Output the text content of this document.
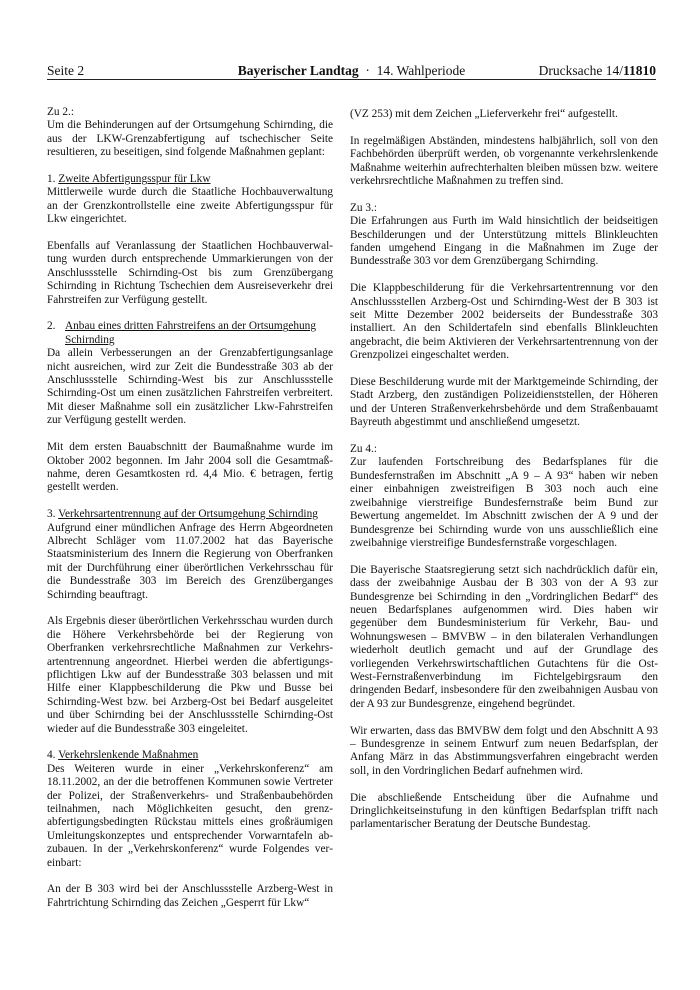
Seite 2	Bayerischer Landtag · 14. Wahlperiode	Drucksache 14/11810

Zu 2.:

Um die Behinderungen auf der Ortsumgehung Schirnding, die aus der LKW-Grenzabfertigung auf tschechischer Seite resultieren, zu beseitigen, sind folgende Maßnahmen geplant:

1. Zweite Abfertigungsspur für Lkw

Mittlerweile wurde durch die Staatliche Hochbauverwaltung an der Grenzkontrollstelle eine zweite Abfertigungsspur für Lkw eingerichtet.

Ebenfalls auf Veranlassung der Staatlichen Hochbauverwaltung wurden durch entsprechende Ummarkierungen von der Anschlussstelle Schirnding-Ost bis zum Grenzübergang Schirnding in Richtung Tschechien dem Ausreiseverkehr drei Fahrstreifen zur Verfügung gestellt.

2. Anbau eines dritten Fahrstreifens an der Ortsumgehung Schirnding

Da allein Verbesserungen an der Grenzabfertigungsanlage nicht ausreichen, wird zur Zeit die Bundesstraße 303 ab der Anschlussstelle Schirnding-West bis zur Anschlussstelle Schirnding-Ost um einen zusätzlichen Fahrstreifen verbreitert. Mit dieser Maßnahme soll ein zusätzlicher Lkw-Fahrstreifen zur Verfügung gestellt werden.

Mit dem ersten Bauabschnitt der Baumaßnahme wurde im Oktober 2002 begonnen. Im Jahr 2004 soll die Gesamtmaßnahme, deren Gesamtkosten rd. 4,4 Mio. € betragen, fertig gestellt werden.

3. Verkehrsartentrennung auf der Ortsumgehung Schirnding

Aufgrund einer mündlichen Anfrage des Herrn Abgeordneten Albrecht Schläger vom 11.07.2002 hat das Bayerische Staatsministerium des Innern die Regierung von Oberfranken mit der Durchführung einer überörtlichen Verkehrsschau für die Bundesstraße 303 im Bereich des Grenzüberganges Schirnding beauftragt.

Als Ergebnis dieser überörtlichen Verkehrsschau wurden durch die Höhere Verkehrsbehörde bei der Regierung von Oberfranken verkehrsrechtliche Maßnahmen zur Verkehrsartentrennung angeordnet. Hierbei werden die abfertigungspflichtigen Lkw auf der Bundesstraße 303 belassen und mit Hilfe einer Klappbeschilderung die Pkw und Busse bei Schirnding-West bzw. bei Arzberg-Ost bei Bedarf ausgeleitet und über Schirnding bei der Anschlussstelle Schirnding-Ost wieder auf die Bundesstraße 303 eingeleitet.

4. Verkehrslenkende Maßnahmen

Des Weiteren wurde in einer „Verkehrskonferenz“ am 18.11.2002, an der die betroffenen Kommunen sowie Vertreter der Polizei, der Straßenverkehrs- und Straßenbaubehörden teilnahmen, nach Möglichkeiten gesucht, den grenzabfertigungsbedingten Rückstau mittels eines großräumigen Umleitungskonzeptes und entsprechender Vorwarntafeln abzubauen. In der „Verkehrskonferenz“ wurde Folgendes vereinbart:

An der B 303 wird bei der Anschlussstelle Arzberg-West in Fahrtrichtung Schirnding das Zeichen „Gesperrt für Lkw“

(VZ 253) mit dem Zeichen „Lieferverkehr frei“ aufgestellt.

In regelmäßigen Abständen, mindestens halbjährlich, soll von den Fachbehörden überprüft werden, ob vorgenannte verkehrslenkende Maßnahme weiterhin aufrechterhalten bleiben müssen bzw. weitere verkehrsrechtliche Maßnahmen zu treffen sind.

Zu 3.:

Die Erfahrungen aus Furth im Wald hinsichtlich der beidseitigen Beschilderungen und der Unterstützung mittels Blinkleuchten fanden umgehend Eingang in die Maßnahmen im Zuge der Bundesstraße 303 vor dem Grenzübergang Schirnding.

Die Klappbeschilderung für die Verkehrsartentrennung vor den Anschlussstellen Arzberg-Ost und Schirnding-West der B 303 ist seit Mitte Dezember 2002 beiderseits der Bundesstraße 303 installiert. An den Schildertafeln sind ebenfalls Blinkleuchten angebracht, die beim Aktivieren der Verkehrsartentrennung von der Grenzpolizei eingeschaltet werden.

Diese Beschilderung wurde mit der Marktgemeinde Schirnding, der Stadt Arzberg, den zuständigen Polizeidienststellen, der Höheren und der Unteren Straßenverkehrsbehörde und dem Straßenbauamt Bayreuth abgestimmt und anschließend umgesetzt.

Zu 4.:

Zur laufenden Fortschreibung des Bedarfsplanes für die Bundesfernstraßen im Abschnitt „A 9 – A 93“ haben wir neben einer einbahnigen zweistreifigen B 303 noch auch eine zweibahnige vierstreifige Bundesfernstraße beim Bund zur Bewertung angemeldet. Im Abschnitt zwischen der A 9 und der Bundesgrenze bei Schirnding wurde von uns ausschließlich eine zweibahnige vierstreifige Bundesfernstraße vorgeschlagen.

Die Bayerische Staatsregierung setzt sich nachdrücklich dafür ein, dass der zweibahnige Ausbau der B 303 von der A 93 zur Bundesgrenze bei Schirnding in den „Vordringlichen Bedarf“ des neuen Bedarfsplanes aufgenommen wird. Dies haben wir gegenüber dem Bundesministerium für Verkehr, Bau- und Wohnungswesen – BMVBW – in den bilateralen Verhandlungen wiederholt deutlich gemacht und auf der Grundlage des vorliegenden Verkehrswirtschaftlichen Gutachtens für die Ost-West-Fernstraßenverbindung im Fichtelgebirgsraum den dringenden Bedarf, insbesondere für den zweibahnigen Ausbau von der A 93 zur Bundesgrenze, eingehend begründet.

Wir erwarten, dass das BMVBW dem folgt und den Abschnitt A 93 – Bundesgrenze in seinem Entwurf zum neuen Bedarfsplan, der Anfang März in das Abstimmungsverfahren eingebracht werden soll, in den Vordringlichen Bedarf aufnehmen wird.

Die abschließende Entscheidung über die Aufnahme und Dringlichkeitseinstufung in den künftigen Bedarfsplan trifft nach parlamentarischer Beratung der Deutsche Bundestag.
